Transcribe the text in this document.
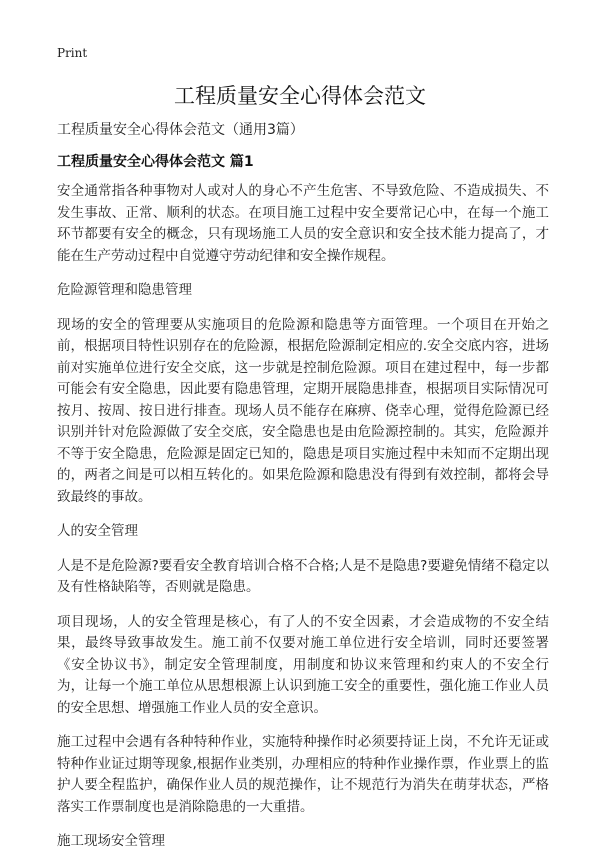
Print
工程质量安全心得体会范文
工程质量安全心得体会范文（通用3篇）
工程质量安全心得体会范文 篇1

安全通常指各种事物对人或对人的身心不产生危害、不导致危险、不造成损失、不发生事故、正常、顺利的状态。在项目施工过程中安全要常记心中，在每一个施工环节都要有安全的概念，只有现场施工人员的安全意识和安全技术能力提高了，才能在生产劳动过程中自觉遵守劳动纪律和安全操作规程。

危险源管理和隐患管理

现场的安全的管理要从实施项目的危险源和隐患等方面管理。一个项目在开始之前，根据项目特性识别存在的危险源，根据危险源制定相应的.安全交底内容，进场前对实施单位进行安全交底，这一步就是控制危险源。项目在建过程中，每一步都可能会有安全隐患，因此要有隐患管理，定期开展隐患排查，根据项目实际情况可按月、按周、按日进行排查。现场人员不能存在麻痹、侥幸心理，觉得危险源已经识别并针对危险源做了安全交底，安全隐患也是由危险源控制的。其实，危险源并不等于安全隐患，危险源是固定已知的，隐患是项目实施过程中未知而不定期出现的，两者之间是可以相互转化的。如果危险源和隐患没有得到有效控制，都将会导致最终的事故。

人的安全管理

人是不是危险源?要看安全教育培训合格不合格;人是不是隐患?要避免情绪不稳定以及有性格缺陷等，否则就是隐患。

项目现场，人的安全管理是核心，有了人的不安全因素，才会造成物的不安全结果，最终导致事故发生。施工前不仅要对施工单位进行安全培训，同时还要签署《安全协议书》，制定安全管理制度，用制度和协议来管理和约束人的不安全行为，让每一个施工单位从思想根源上认识到施工安全的重要性，强化施工作业人员的安全思想、增强施工作业人员的安全意识。

施工过程中会遇有各种特种作业，实施特种操作时必须要持证上岗，不允许无证或特种作业证过期等现象,根据作业类别，办理相应的特种作业操作票，作业票上的监护人要全程监护，确保作业人员的规范操作，让不规范行为消失在萌芽状态，严格落实工作票制度也是消除隐患的一大重措。

施工现场安全管理
